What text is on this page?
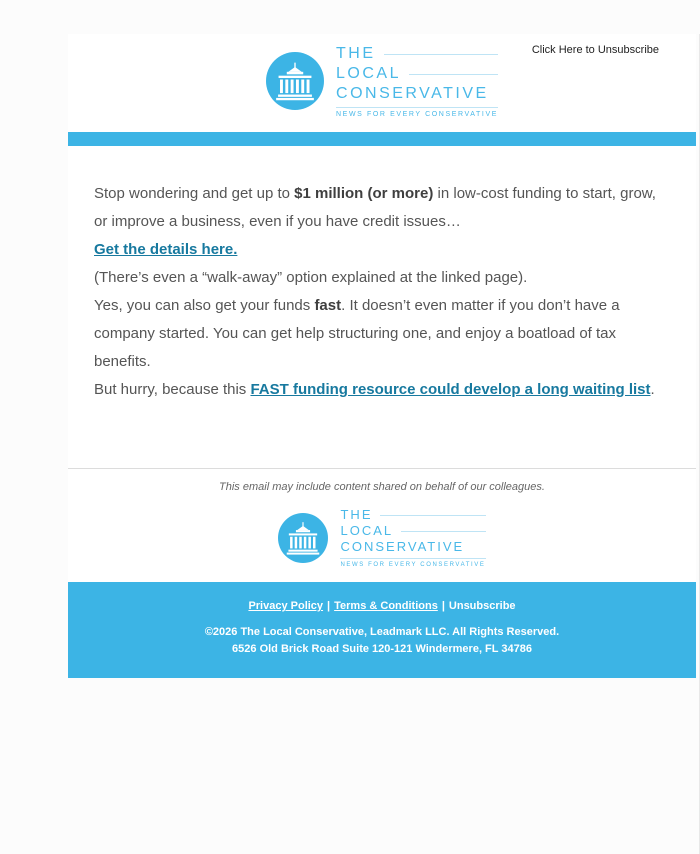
Click Here to Unsubscribe
THE
LOCAL
CONSERVATIVE
NEWS FOR EVERY CONSERVATIVE

Stop wondering and get up to $1 million (or more) in low-cost funding to start, grow, or improve a business, even if you have credit issues…

Get the details here.

(There’s even a “walk-away” option explained at the linked page).

Yes, you can also get your funds fast. It doesn’t even matter if you don’t have a company started. You can get help structuring one, and enjoy a boatload of tax benefits.

But hurry, because this FAST funding resource could develop a long waiting list.

This email may include content shared on behalf of our colleagues.

THE
LOCAL
CONSERVATIVE
NEWS FOR EVERY CONSERVATIVE
Privacy Policy | Terms & Conditions | Unsubscribe
©2026 The Local Conservative, Leadmark LLC. All Rights Reserved.
6526 Old Brick Road Suite 120-121 Windermere, FL 34786
